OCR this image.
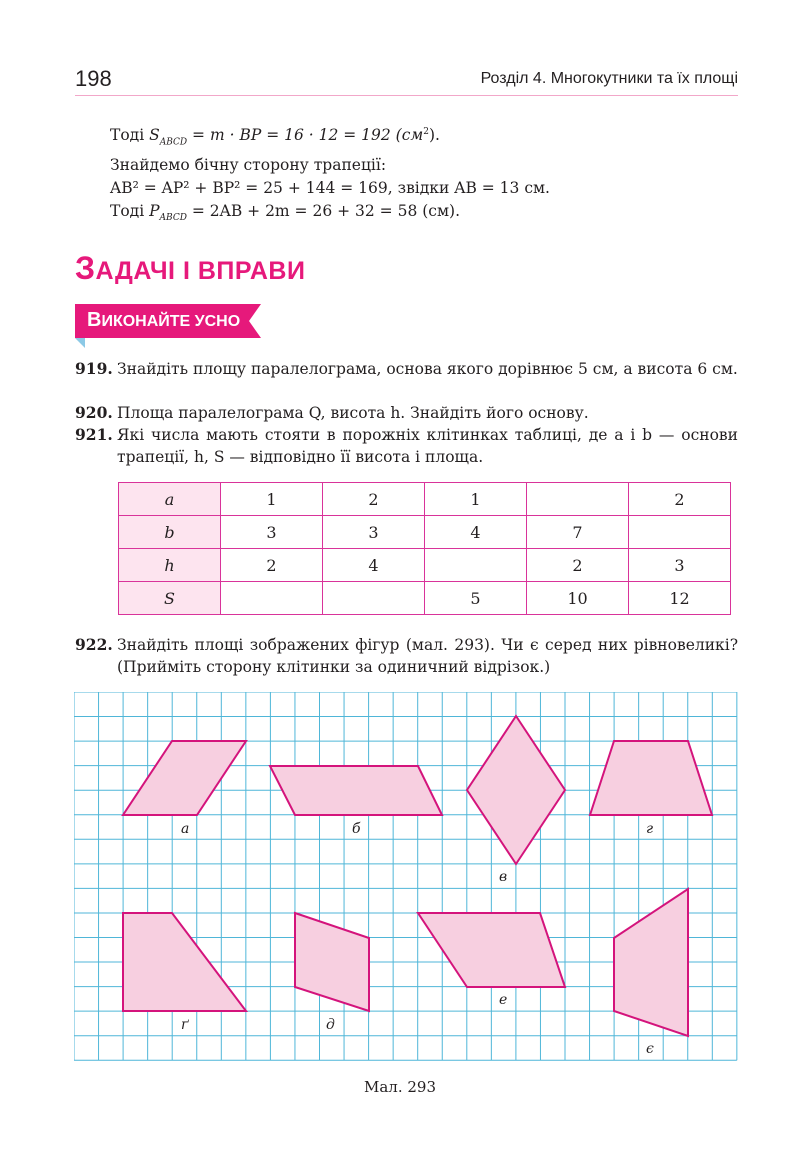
198	Розділ 4. Многокутники та їх площі
Тоді $S_{ABCD} = m$ · BP = 16 · 12 = 192 $(см^2)$.
Знайдемо бічну сторону трапеції:
AB² = AP² + BP² = 25 + 144 = 169, звідки AB = 13 см.
Тоді $P_{ABCD} = 2AB + 2m = 26 + 32 = 58$ (см).
ЗАДАЧІ І ВПРАВИ
ВИКОНАЙТЕ УСНО
919. Знайдіть площу паралелограма, основа якого дорівнює 5 см, а висота 6 см.
920. Площа паралелограма Q, висота h. Знайдіть його основу.
921. Які числа мають стояти в порожніх клітинках таблиці, де a і b — основи трапеції, h, S — відповідно її висота і площа.
a	1	2	1		2
b	3	3	4	7	
h	2	4		2	3
S			5	10	12
922. Знайдіть площі зображених фігур (мал. 293). Чи є серед них рівновеликі? (Прийміть сторону клітинки за одиничний відрізок.)
а	б
в
г
ґ	д
е
є
Мал. 293
